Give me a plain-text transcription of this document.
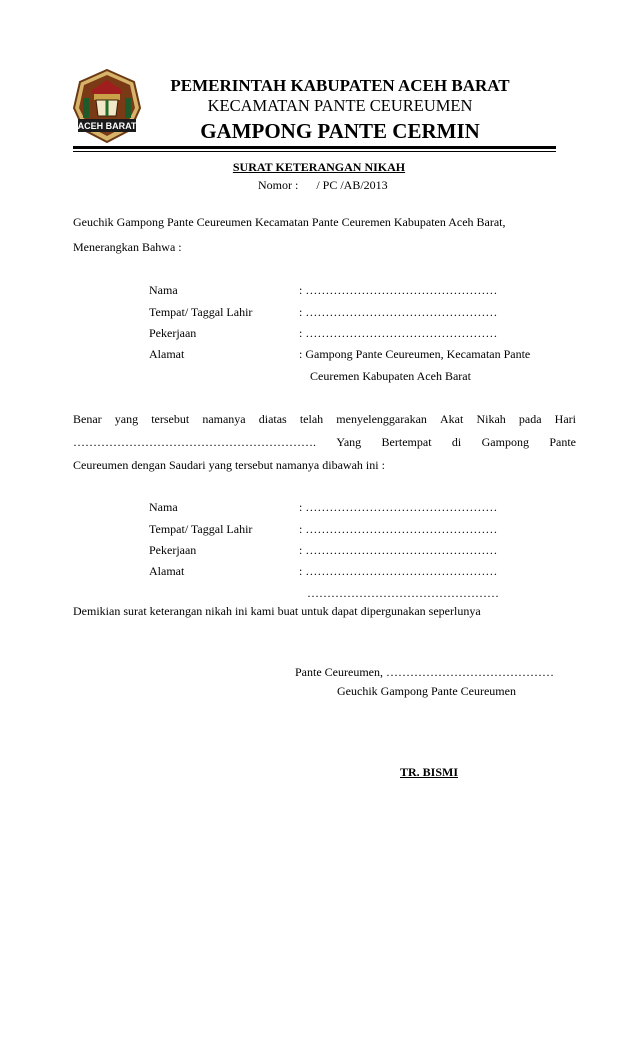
ACEH BARAT
PEMERINTAH KABUPATEN ACEH BARAT
KECAMATAN PANTE CEUREUMEN
GAMPONG PANTE CERMIN
SURAT KETERANGAN NIKAH
Nomor :      / PC /AB/2013
Geuchik Gampong Pante Ceureumen Kecamatan Pante Ceuremen Kabupaten Aceh Barat,
Menerangkan Bahwa :
Nama	: …………………………………………
Tempat/ Taggal Lahir	: …………………………………………
Pekerjaan	: …………………………………………
Alamat	: Gampong Pante Ceureumen, Kecamatan Pante
Ceuremen Kabupaten Aceh Barat
Benar yang tersebut namanya diatas telah menyelenggarakan Akat Nikah pada Hari
……………………………………………………. Yang Bertempat di Gampong Pante
Ceureumen dengan Saudari yang tersebut namanya dibawah ini :
Nama	: …………………………………………
Tempat/ Taggal Lahir	: …………………………………………
Pekerjaan	: …………………………………………
Alamat	: …………………………………………
…………………………………………
Demikian surat keterangan nikah ini kami buat untuk dapat dipergunakan seperlunya
Pante Ceureumen, ……………………………………
Geuchik Gampong Pante Ceureumen
TR. BISMI
